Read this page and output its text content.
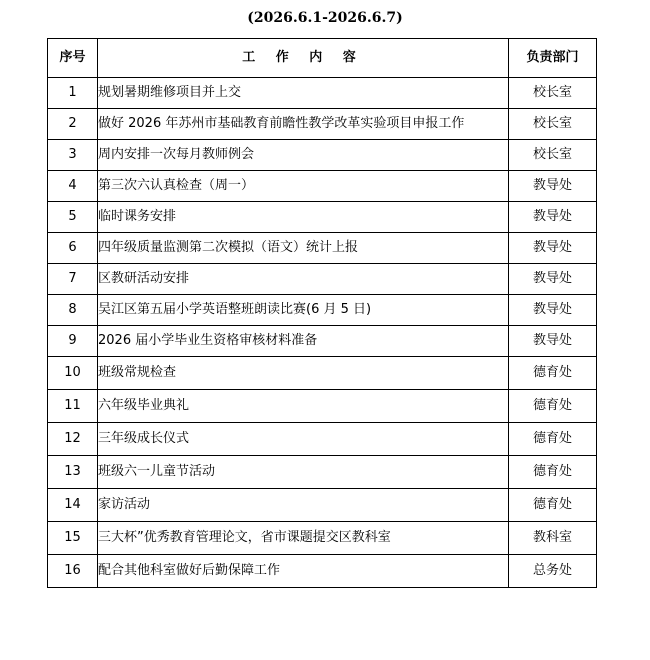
(2026.6.1-2026.6.7)
序号	工 作 内 容	负责部门
1	规划暑期维修项目并上交	校长室
2	做好 2026 年苏州市基础教育前瞻性教学改革实验项目申报工作	校长室
3	周内安排一次每月教师例会	校长室
4	第三次六认真检查（周一）	教导处
5	临时课务安排	教导处
6	四年级质量监测第二次模拟（语文）统计上报	教导处
7	区教研活动安排	教导处
8	吴江区第五届小学英语整班朗读比赛(6 月 5 日)	教导处
9	2026 届小学毕业生资格审核材料准备	教导处
10	班级常规检查	德育处
11	六年级毕业典礼	德育处
12	三年级成长仪式	德育处
13	班级六一儿童节活动	德育处
14	家访活动	德育处
15	三大杯”优秀教育管理论文，省市课题提交区教科室	教科室
16	配合其他科室做好后勤保障工作	总务处
